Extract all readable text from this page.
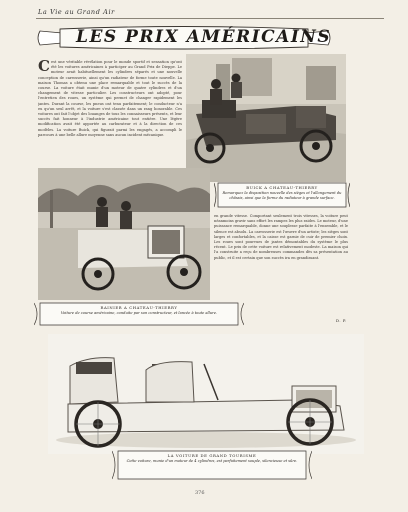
La Vie au Grand Air
LES PRIX AMÉRICAINS
C est une véritable révélation pour le monde sportif et sensation qu'ont été les voitures américaines à participer au Grand Prix de Dieppe. Le moteur avait habituellement les cylindres séparés et une nouvelle conception de carrosserie, ainsi qu'un radiateur de forme toute nouvelle. La maison Thomas a obtenu une place remarquable et tout le succès de la course. La voiture était munie d'un moteur de quatre cylindres et d'un changement de vitesse particulier. Les constructeurs ont adopté, pour l'entretien des roues, un système qui permet de changer rapidement les jantes. Durant la course, les pneus ont tenu parfaitement; le conducteur n'a eu qu'un seul arrêt, et la voiture s'est classée dans un rang honorable. Ces voitures ont fait l'objet des louanges de tous les connaisseurs présents, et leur succès fait honneur à l'industrie américaine tout entière. Une légère modification avait été apportée au carburateur et à la direction de ces modèles. La voiture Buick, qui figurait parmi les engagés, a accompli le parcours à une belle allure moyenne sans aucun incident mécanique.
BUICK A CHATEAU-THIERRY
Remarquez la disposition nouvelle des sièges et l'allongement du châssis, ainsi que la forme du radiateur à grande surface.
en grande vitesse. Comportant seulement trois vitesses, la voiture peut néanmoins gravir sans effort les rampes les plus raides. Le moteur, d'une puissance remarquable, donne une souplesse parfaite à l'ensemble, et le silence est absolu. La carrosserie est l'œuvre d'un artiste; les sièges sont larges et confortables, et la caisse est garnie de cuir de premier choix. Les roues sont pourvues de jantes démontables du système le plus récent. Le prix de cette voiture est relativement modeste. La maison qui l'a construite a reçu de nombreuses commandes dès sa présentation au public, et il est certain que son succès ira en grandissant.
D. P.
RAINIER A CHATEAU-THIERRY
Voiture de course américaine, conduite par son constructeur, et lancée à toute allure.
LA VOITURE DE GRAND TOURISME
Cette voiture, munie d'un moteur de 4 cylindres, est parfaitement souple, silencieuse et sûre.
376
